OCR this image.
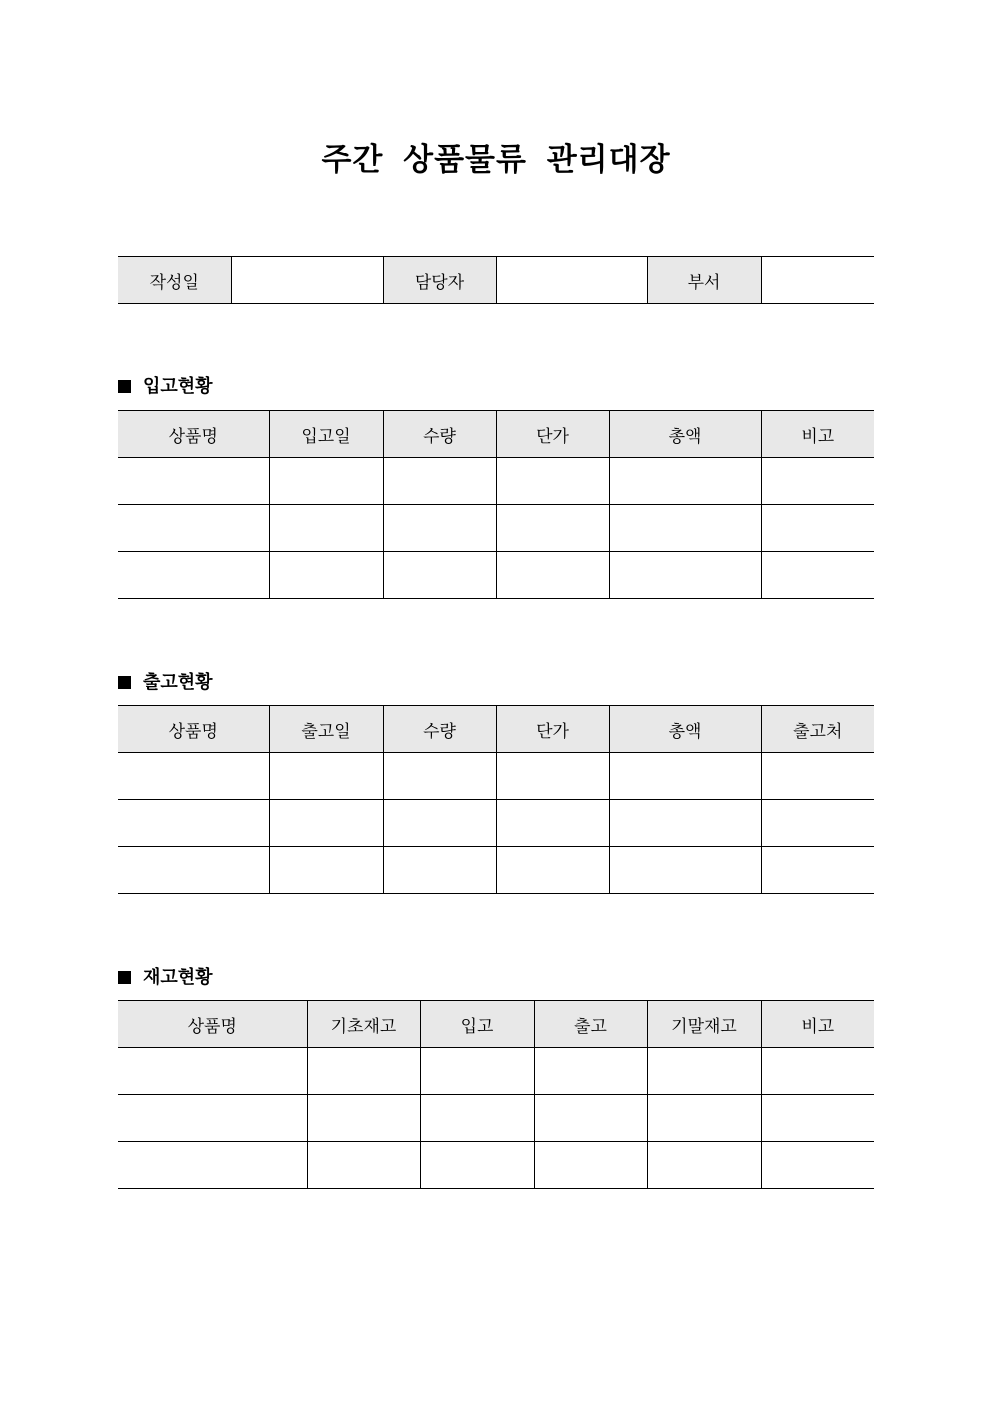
주간 상품물류 관리대장
작성일		담당자		부서	
입고현황
상품명	입고일	수량	단가	총액	비고

출고현황
상품명	출고일	수량	단가	총액	출고처

재고현황
상품명	기초재고	입고	출고	기말재고	비고
